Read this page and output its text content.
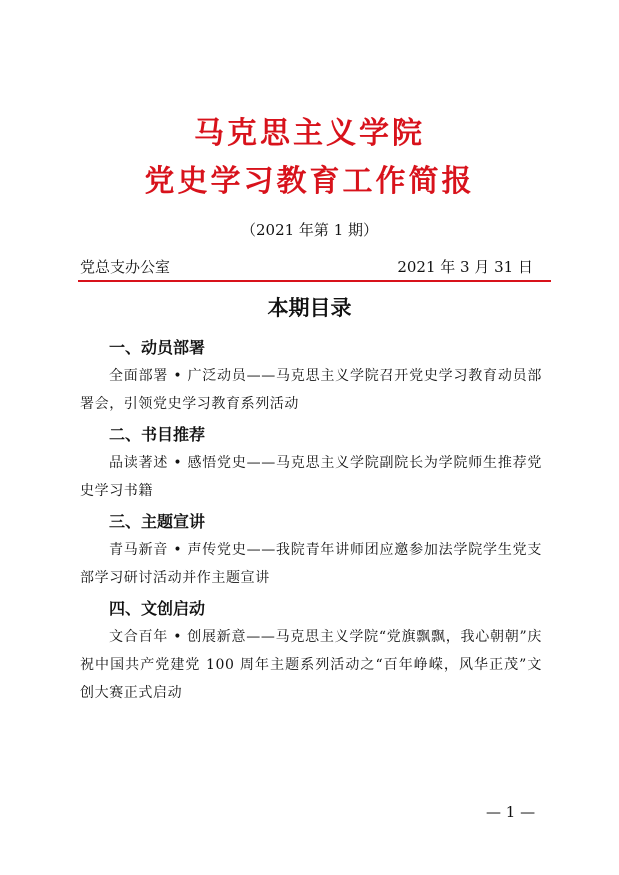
马克思主义学院
党史学习教育工作简报
（2021 年第 1 期）
党总支办公室	2021 年 3 月 31 日
本期目录
一、动员部署
全面部署 • 广泛动员——马克思主义学院召开党史学习教育动员部署会，引领党史学习教育系列活动
二、书目推荐
品读著述 • 感悟党史——马克思主义学院副院长为学院师生推荐党史学习书籍
三、主题宣讲
青马新音 • 声传党史——我院青年讲师团应邀参加法学院学生党支部学习研讨活动并作主题宣讲
四、文创启动
文合百年 • 创展新意——马克思主义学院“党旗飘飘，我心朝朝”庆祝中国共产党建党 100 周年主题系列活动之“百年峥嵘，风华正茂”文创大赛正式启动
— 1 —
